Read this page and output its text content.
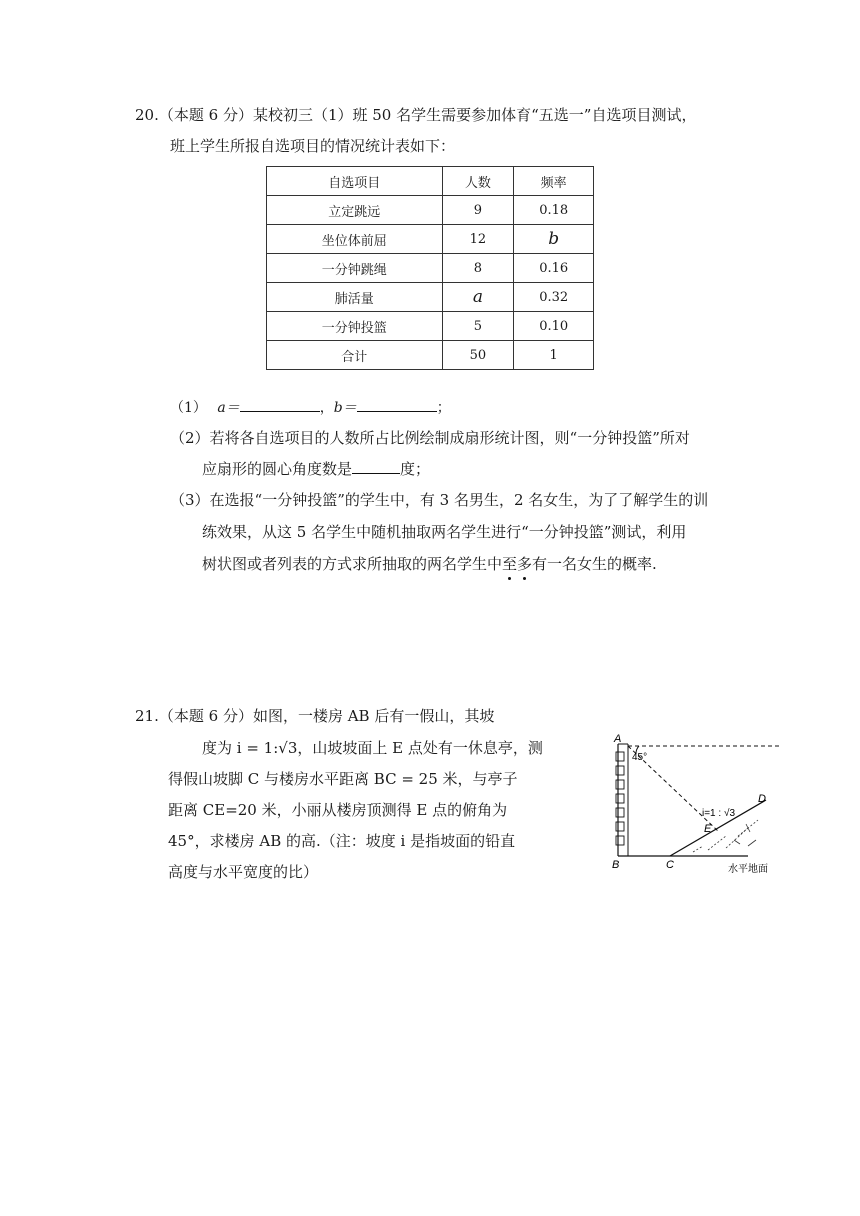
20.（本题 6 分）某校初三（1）班 50 名学生需要参加体育“五选一”自选项目测试，
班上学生所报自选项目的情况统计表如下：
自选项目	人数	频率
立定跳远	9	0.18
坐位体前屈	12	b
一分钟跳绳	8	0.16
肺活量	a	0.32
一分钟投篮	5	0.10
合计	50	1
（1） a＝	，b＝	；
（2）若将各自选项目的人数所占比例绘制成扇形统计图，则“一分钟投篮”所对
应扇形的圆心角度数是	度；
（3）在选报“一分钟投篮”的学生中，有 3 名男生，2 名女生，为了了解学生的训
练效果，从这 5 名学生中随机抽取两名学生进行“一分钟投篮”测试，利用
树状图或者列表的方式求所抽取的两名学生中至多
有一名女生的概率.
21.（本题 6 分）如图，一楼房 AB 后有一假山，其坡
度为 i = 1:√3，山坡坡面上 E 点处有一休息亭，测
得假山坡脚 C 与楼房水平距离 BC = 25 米，与亭子
距离 CE=20 米，小丽从楼房顶测得 E 点的俯角为
45°，求楼房 AB 的高.（注：坡度 i 是指坡面的铅直
高度与水平宽度的比）
A
B	C
D
E
45°
i=1 : √3
水平地面
